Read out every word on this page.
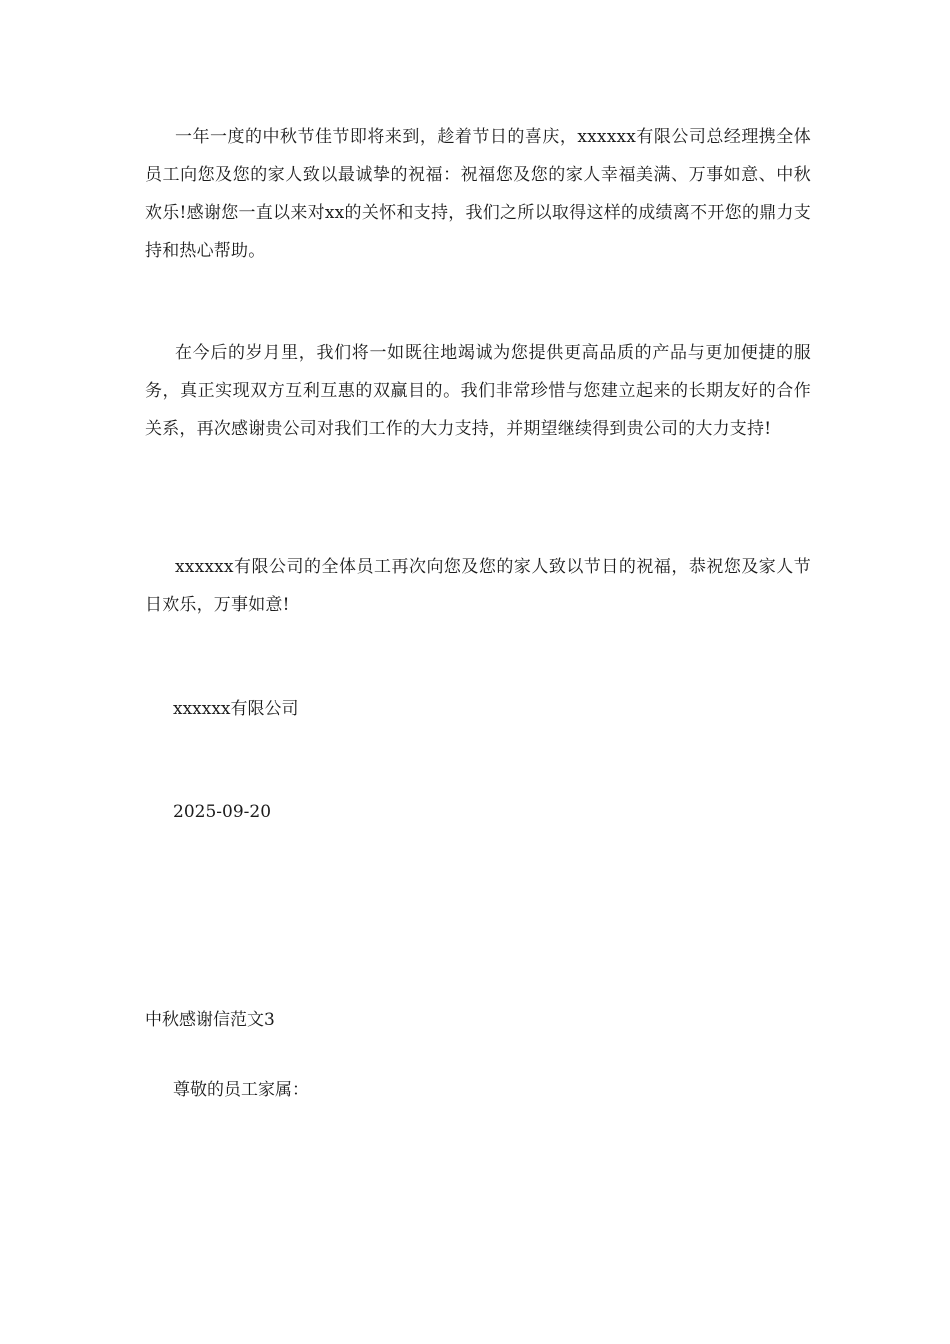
一年一度的中秋节佳节即将来到，趁着节日的喜庆，xxxxxx有限公司总经理携全体员工向您及您的家人致以最诚挚的祝福：祝福您及您的家人幸福美满、万事如意、中秋欢乐!感谢您一直以来对xx的关怀和支持，我们之所以取得这样的成绩离不开您的鼎力支持和热心帮助。

在今后的岁月里，我们将一如既往地竭诚为您提供更高品质的产品与更加便捷的服务，真正实现双方互利互惠的双赢目的。我们非常珍惜与您建立起来的长期友好的合作关系，再次感谢贵公司对我们工作的大力支持，并期望继续得到贵公司的大力支持!

xxxxxx有限公司的全体员工再次向您及您的家人致以节日的祝福，恭祝您及家人节日欢乐，万事如意!

xxxxxx有限公司

2025-09-20

中秋感谢信范文3

尊敬的员工家属：
